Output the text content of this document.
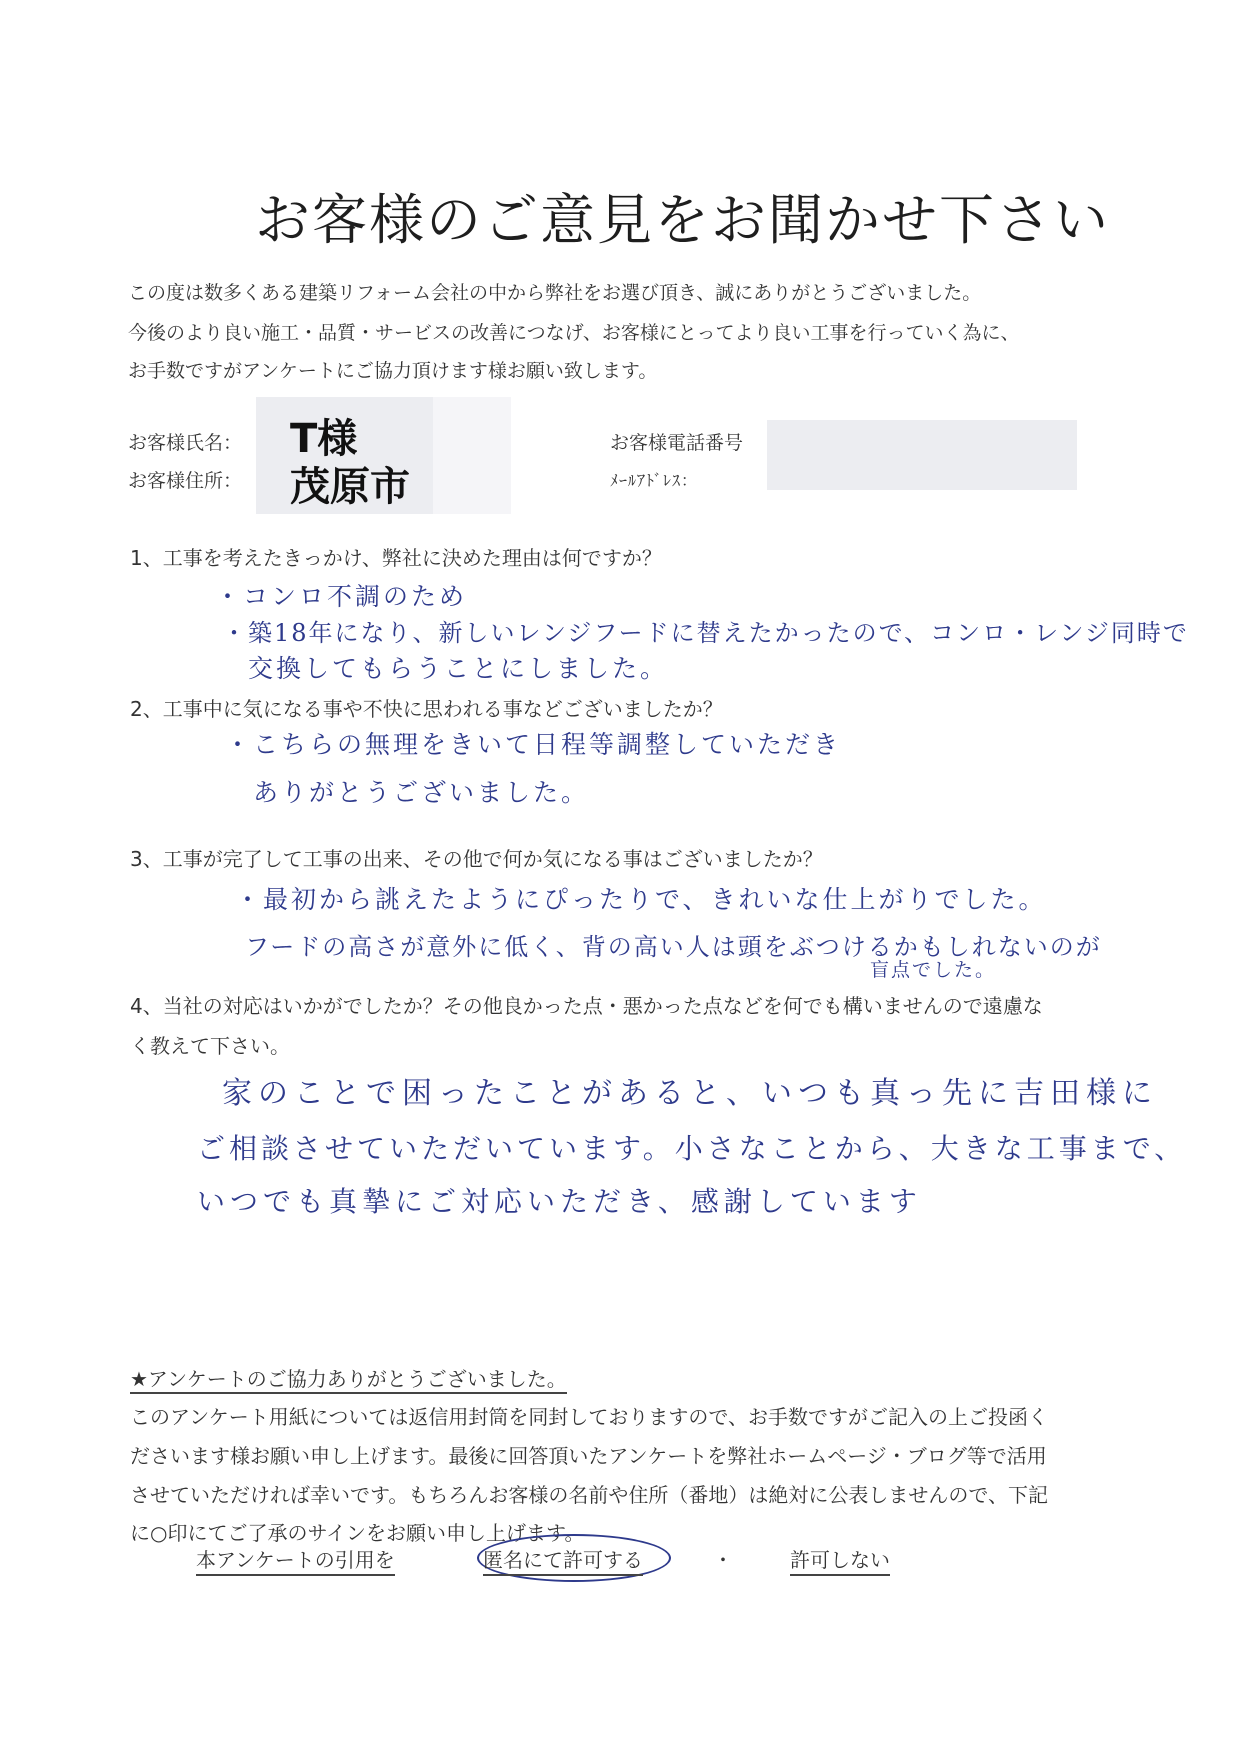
お客様のご意見をお聞かせ下さい
この度は数多くある建築リフォーム会社の中から弊社をお選び頂き、誠にありがとうございました。
今後のより良い施工・品質・サービスの改善につなげ、お客様にとってより良い工事を行っていく為に、
お手数ですがアンケートにご協力頂けます様お願い致します。
お客様氏名： T様
お客様住所： 茂原市
お客様電話番号
ﾒｰﾙｱﾄﾞﾚｽ：
1、工事を考えたきっかけ、弊社に決めた理由は何ですか？
・コンロ不調のため
・築18年になり、新しいレンジフードに替えたかったので、コンロ・レンジ同時で
交換してもらうことにしました。
2、工事中に気になる事や不快に思われる事などございましたか？
・こちらの無理をきいて日程等調整していただき
ありがとうございました。
3、工事が完了して工事の出来、その他で何か気になる事はございましたか？
・最初から誂えたようにぴったりで、きれいな仕上がりでした。
フードの高さが意外に低く、背の高い人は頭をぶつけるかもしれないのが
盲点でした。
4、当社の対応はいかがでしたか？その他良かった点・悪かった点などを何でも構いませんので遠慮な
く教えて下さい。
家のことで困ったことがあると、いつも真っ先に吉田様に
ご相談させていただいています。小さなことから、大きな工事まで、
いつでも真摯にご対応いただき、感謝しています
★アンケートのご協力ありがとうございました。
このアンケート用紙については返信用封筒を同封しておりますので、お手数ですがご記入の上ご投函く
ださいます様お願い申し上げます。最後に回答頂いたアンケートを弊社ホームページ・ブログ等で活用
させていただければ幸いです。もちろんお客様の名前や住所（番地）は絶対に公表しませんので、下記
に○印にてご了承のサインをお願い申し上げます。
本アンケートの引用を	匿名にて許可する	・	許可しない
